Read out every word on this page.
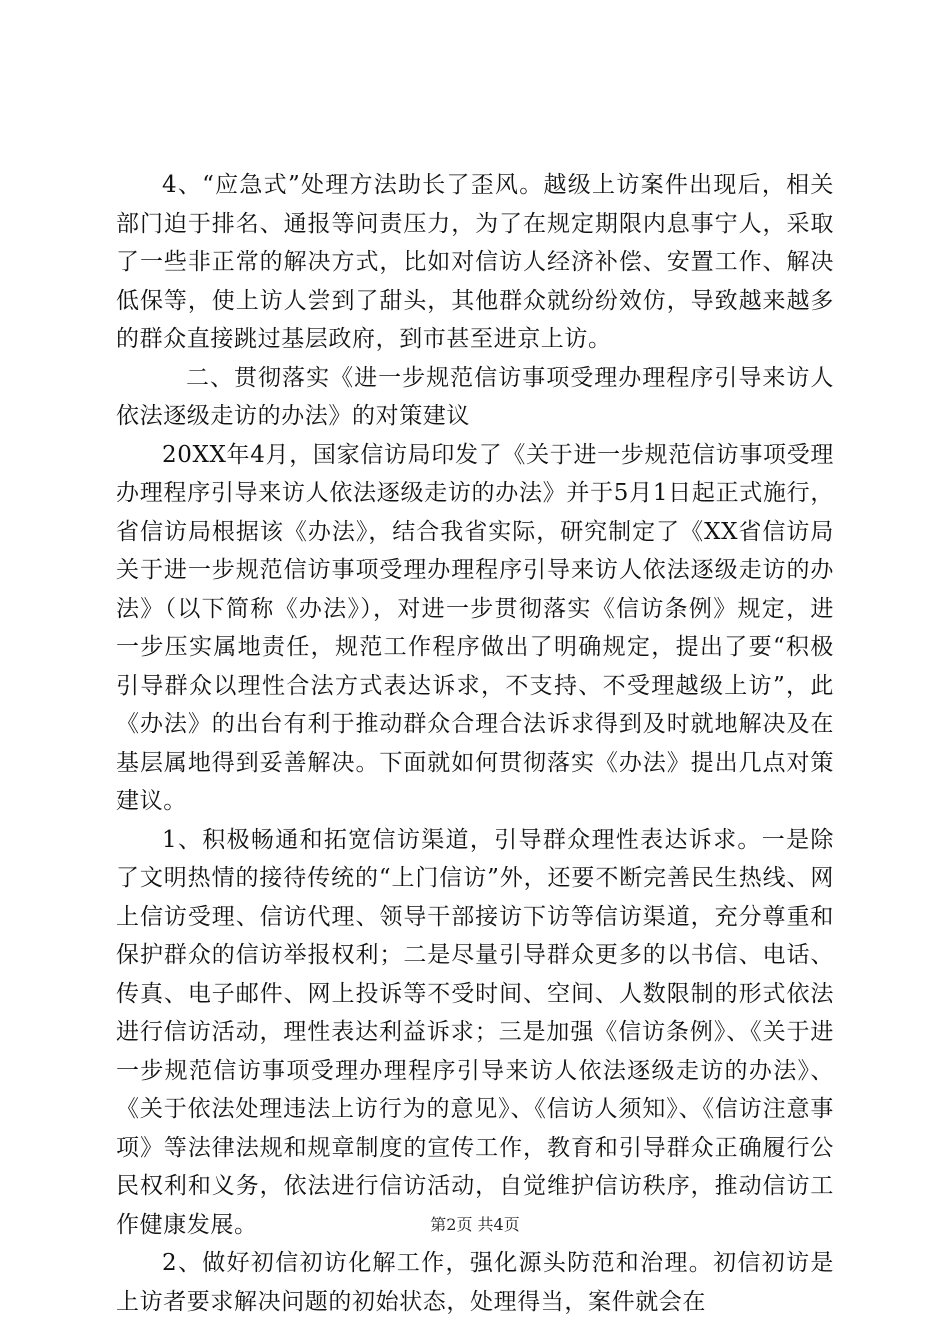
4、“应急式”处理方法助长了歪风。越级上访案件出现后，相关部门迫于排名、通报等问责压力，为了在规定期限内息事宁人，采取了一些非正常的解决方式，比如对信访人经济补偿、安置工作、解决低保等，使上访人尝到了甜头，其他群众就纷纷效仿，导致越来越多的群众直接跳过基层政府，到市甚至进京上访。

二、贯彻落实《进一步规范信访事项受理办理程序引导来访人依法逐级走访的办法》的对策建议

20XX年4月，国家信访局印发了《关于进一步规范信访事项受理办理程序引导来访人依法逐级走访的办法》并于5月1日起正式施行，省信访局根据该《办法》，结合我省实际，研究制定了《XX省信访局关于进一步规范信访事项受理办理程序引导来访人依法逐级走访的办法》（以下简称《办法》），对进一步贯彻落实《信访条例》规定，进一步压实属地责任，规范工作程序做出了明确规定，提出了要“积极引导群众以理性合法方式表达诉求，不支持、不受理越级上访”，此《办法》的出台有利于推动群众合理合法诉求得到及时就地解决及在基层属地得到妥善解决。下面就如何贯彻落实《办法》提出几点对策建议。

1、积极畅通和拓宽信访渠道，引导群众理性表达诉求。一是除了文明热情的接待传统的“上门信访”外，还要不断完善民生热线、网上信访受理、信访代理、领导干部接访下访等信访渠道，充分尊重和保护群众的信访举报权利；二是尽量引导群众更多的以书信、电话、传真、电子邮件、网上投诉等不受时间、空间、人数限制的形式依法进行信访活动，理性表达利益诉求；三是加强《信访条例》、《关于进一步规范信访事项受理办理程序引导来访人依法逐级走访的办法》、《关于依法处理违法上访行为的意见》、《信访人须知》、《信访注意事项》等法律法规和规章制度的宣传工作，教育和引导群众正确履行公民权利和义务，依法进行信访活动，自觉维护信访秩序，推动信访工作健康发展。

2、做好初信初访化解工作，强化源头防范和治理。初信初访是上访者要求解决问题的初始状态，处理得当，案件就会在

第2页 共4页
